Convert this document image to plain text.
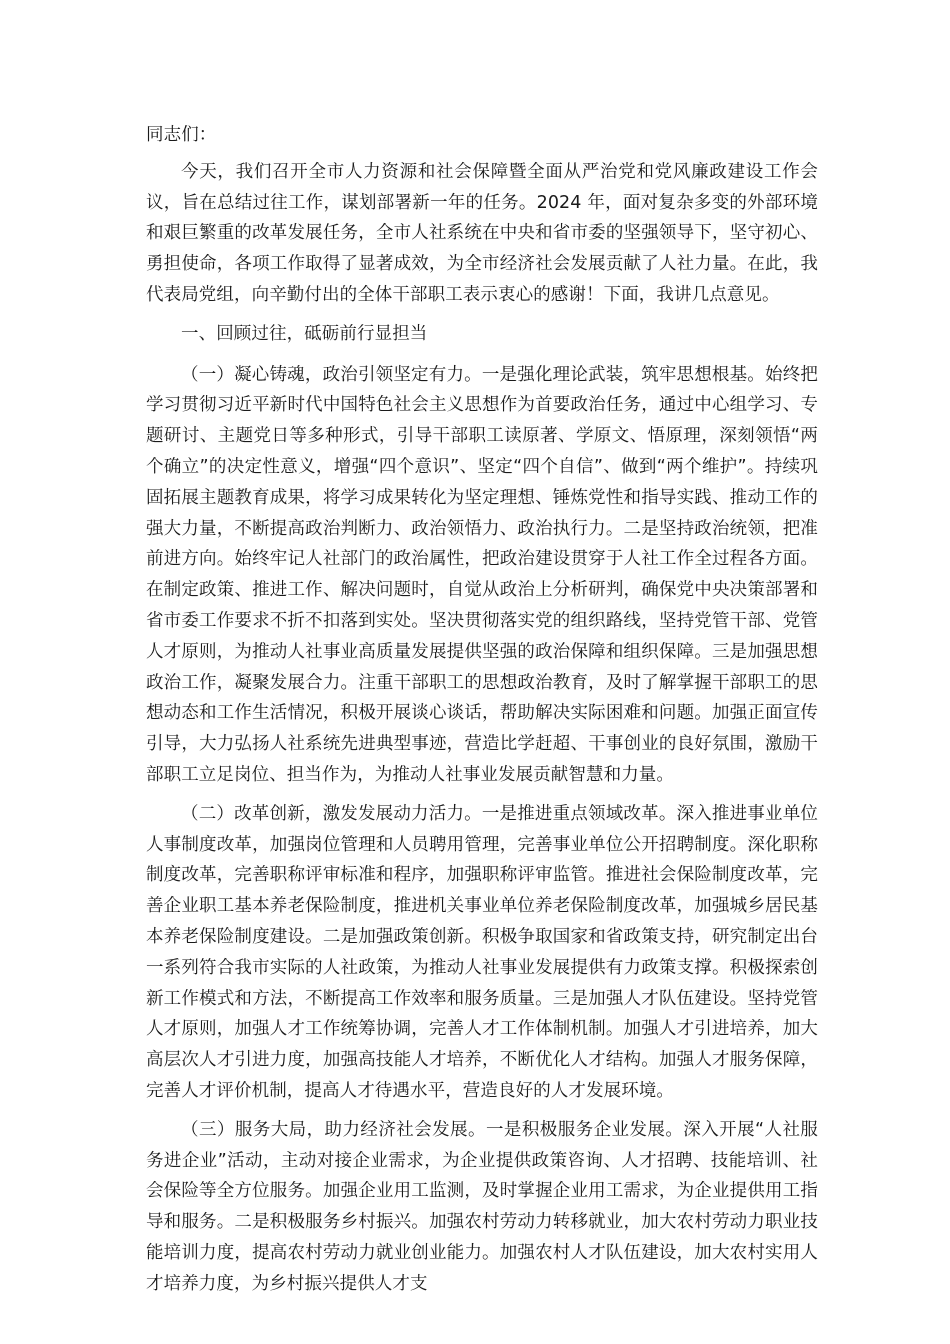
同志们：

今天，我们召开全市人力资源和社会保障暨全面从严治党和党风廉政建设工作会议，旨在总结过往工作，谋划部署新一年的任务。2024 年，面对复杂多变的外部环境和艰巨繁重的改革发展任务，全市人社系统在中央和省市委的坚强领导下，坚守初心、勇担使命，各项工作取得了显著成效，为全市经济社会发展贡献了人社力量。在此，我代表局党组，向辛勤付出的全体干部职工表示衷心的感谢！下面，我讲几点意见。

一、回顾过往，砥砺前行显担当

（一）凝心铸魂，政治引领坚定有力。一是强化理论武装，筑牢思想根基。始终把学习贯彻习近平新时代中国特色社会主义思想作为首要政治任务，通过中心组学习、专题研讨、主题党日等多种形式，引导干部职工读原著、学原文、悟原理，深刻领悟“两个确立”的决定性意义，增强“四个意识”、坚定“四个自信”、做到“两个维护”。持续巩固拓展主题教育成果，将学习成果转化为坚定理想、锤炼党性和指导实践、推动工作的强大力量，不断提高政治判断力、政治领悟力、政治执行力。二是坚持政治统领，把准前进方向。始终牢记人社部门的政治属性，把政治建设贯穿于人社工作全过程各方面。在制定政策、推进工作、解决问题时，自觉从政治上分析研判，确保党中央决策部署和省市委工作要求不折不扣落到实处。坚决贯彻落实党的组织路线，坚持党管干部、党管人才原则，为推动人社事业高质量发展提供坚强的政治保障和组织保障。三是加强思想政治工作，凝聚发展合力。注重干部职工的思想政治教育，及时了解掌握干部职工的思想动态和工作生活情况，积极开展谈心谈话，帮助解决实际困难和问题。加强正面宣传引导，大力弘扬人社系统先进典型事迹，营造比学赶超、干事创业的良好氛围，激励干部职工立足岗位、担当作为，为推动人社事业发展贡献智慧和力量。

（二）改革创新，激发发展动力活力。一是推进重点领域改革。深入推进事业单位人事制度改革，加强岗位管理和人员聘用管理，完善事业单位公开招聘制度。深化职称制度改革，完善职称评审标准和程序，加强职称评审监管。推进社会保险制度改革，完善企业职工基本养老保险制度，推进机关事业单位养老保险制度改革，加强城乡居民基本养老保险制度建设。二是加强政策创新。积极争取国家和省政策支持，研究制定出台一系列符合我市实际的人社政策，为推动人社事业发展提供有力政策支撑。积极探索创新工作模式和方法，不断提高工作效率和服务质量。三是加强人才队伍建设。坚持党管人才原则，加强人才工作统筹协调，完善人才工作体制机制。加强人才引进培养，加大高层次人才引进力度，加强高技能人才培养，不断优化人才结构。加强人才服务保障，完善人才评价机制，提高人才待遇水平，营造良好的人才发展环境。

（三）服务大局，助力经济社会发展。一是积极服务企业发展。深入开展“人社服务进企业”活动，主动对接企业需求，为企业提供政策咨询、人才招聘、技能培训、社会保险等全方位服务。加强企业用工监测，及时掌握企业用工需求，为企业提供用工指导和服务。二是积极服务乡村振兴。加强农村劳动力转移就业，加大农村劳动力职业技能培训力度，提高农村劳动力就业创业能力。加强农村人才队伍建设，加大农村实用人才培养力度，为乡村振兴提供人才支
